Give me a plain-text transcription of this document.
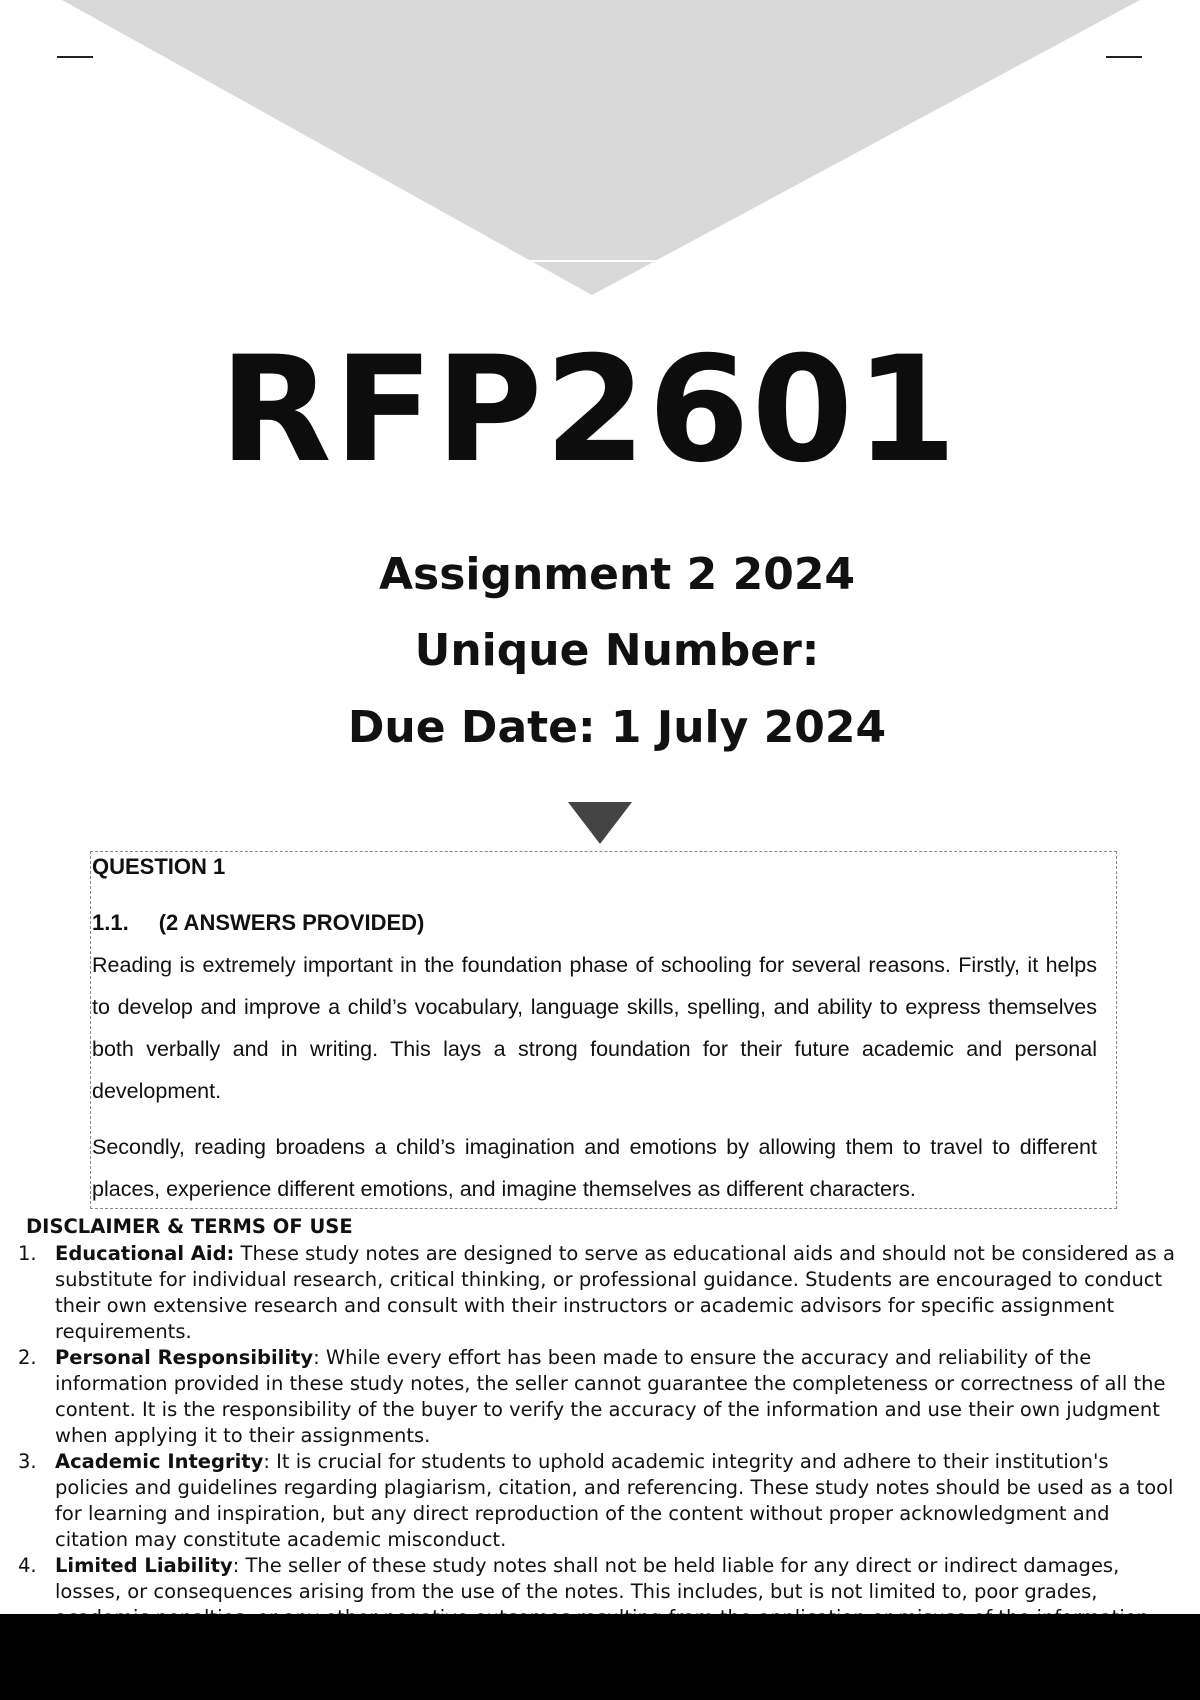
RFP2601
Assignment 2 2024
Unique Number:
Due Date: 1 July 2024
QUESTION 1
1.1. (2 ANSWERS PROVIDED)
Reading is extremely important in the foundation phase of schooling for several reasons. Firstly, it helps to develop and improve a child’s vocabulary, language skills, spelling, and ability to express themselves both verbally and in writing. This lays a strong foundation for their future academic and personal development.
Secondly, reading broadens a child’s imagination and emotions by allowing them to travel to different places, experience different emotions, and imagine themselves as different characters.
DISCLAIMER & TERMS OF USE
1. Educational Aid: These study notes are designed to serve as educational aids and should not be considered as a substitute for individual research, critical thinking, or professional guidance. Students are encouraged to conduct their own extensive research and consult with their instructors or academic advisors for specific assignment requirements.
2. Personal Responsibility: While every effort has been made to ensure the accuracy and reliability of the information provided in these study notes, the seller cannot guarantee the completeness or correctness of all the content. It is the responsibility of the buyer to verify the accuracy of the information and use their own judgment when applying it to their assignments.
3. Academic Integrity: It is crucial for students to uphold academic integrity and adhere to their institution's policies and guidelines regarding plagiarism, citation, and referencing. These study notes should be used as a tool for learning and inspiration, but any direct reproduction of the content without proper acknowledgment and citation may constitute academic misconduct.
4. Limited Liability: The seller of these study notes shall not be held liable for any direct or indirect damages, losses, or consequences arising from the use of the notes. This includes, but is not limited to, poor grades,
